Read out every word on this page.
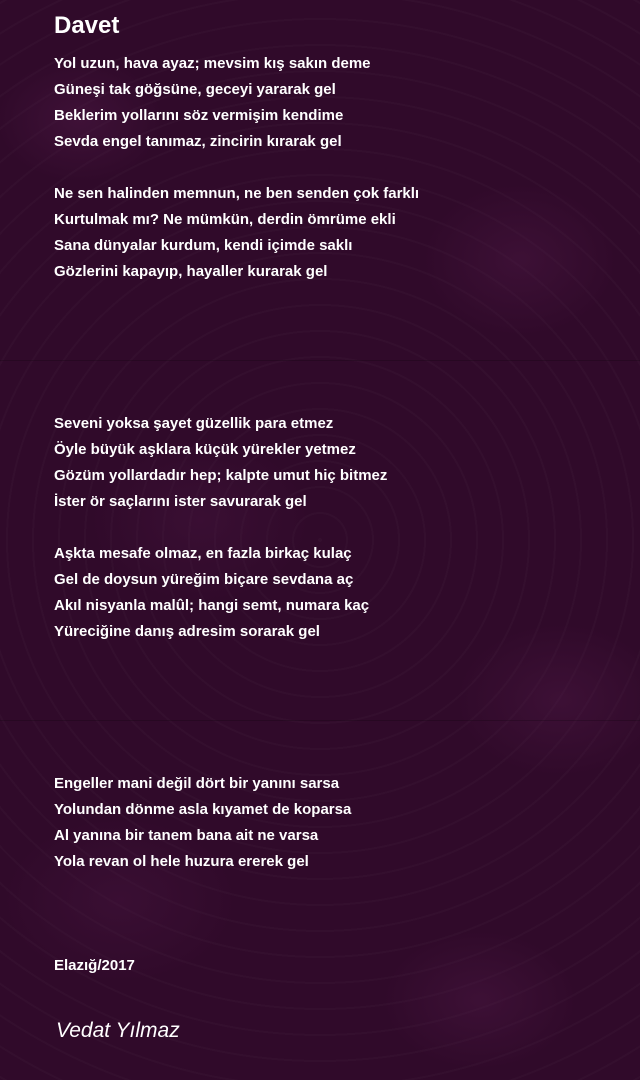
Davet
Yol uzun, hava ayaz; mevsim kış sakın deme
Güneşi tak göğsüne, geceyi yararak gel
Beklerim yollarını söz vermişim kendime
Sevda engel tanımaz, zincirin kırarak gel
Ne sen halinden memnun, ne ben senden çok farklı
Kurtulmak mı? Ne mümkün, derdin ömrüme ekli
Sana dünyalar kurdum, kendi içimde saklı
Gözlerini kapayıp, hayaller kurarak gel
Seveni yoksa şayet güzellik para etmez
Öyle büyük aşklara küçük yürekler yetmez
Gözüm yollardadır hep; kalpte umut hiç bitmez
İster ör saçlarını ister savurarak gel
Aşkta mesafe olmaz, en fazla birkaç kulaç
Gel de doysun yüreğim biçare sevdana aç
Akıl nisyanla malûl; hangi semt, numara kaç
Yüreciğine danış adresim sorarak gel
Engeller mani değil dört bir yanını sarsa
Yolundan dönme asla kıyamet de koparsa
Al yanına bir tanem bana ait ne varsa
Yola revan ol hele huzura ererek gel
Elazığ/2017
Vedat Yılmaz
